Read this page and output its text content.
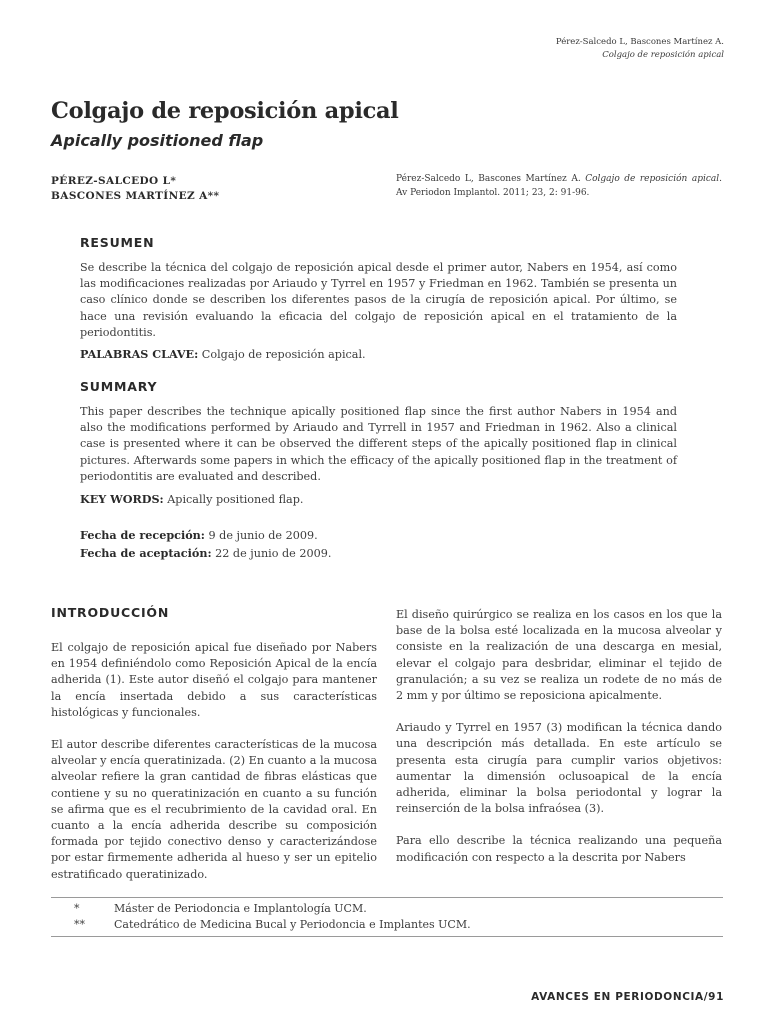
Pérez-Salcedo L, Bascones Martínez A.
Colgajo de reposición apical
Colgajo de reposición apical
Apically positioned flap
PÉREZ-SALCEDO L*
BASCONES MARTÍNEZ A**
Pérez-Salcedo L, Bascones Martínez A. Colgajo de reposición apical. Av Periodon Implantol. 2011; 23, 2: 91-96.
RESUMEN

Se describe la técnica del colgajo de reposición apical desde el primer autor, Nabers en 1954, así como las modificaciones realizadas por Ariaudo y Tyrrel en 1957 y Friedman en 1962. También se presenta un caso clínico donde se describen los diferentes pasos de la cirugía de reposición apical. Por último, se hace una revisión evaluando la eficacia del colgajo de reposición apical en el tratamiento de la periodontitis.

PALABRAS CLAVE: Colgajo de reposición apical.
SUMMARY

This paper describes the technique apically positioned flap since the first author Nabers in 1954 and also the modifications performed by Ariaudo and Tyrrell in 1957 and Friedman in 1962. Also a clinical case is presented where it can be observed the different steps of the apically positioned flap in clinical pictures. Afterwards some papers in which the efficacy of the apically positioned flap in the treatment of periodontitis are evaluated and described.

KEY WORDS: Apically positioned flap.
Fecha de recepción: 9 de junio de 2009.
Fecha de aceptación: 22 de junio de 2009.
INTRODUCCIÓN

El colgajo de reposición apical fue diseñado por Nabers en 1954 definiéndolo como Reposición Apical de la encía adherida (1). Este autor diseñó el colgajo para mantener la encía insertada debido a sus características histológicas y funcionales.

El autor describe diferentes características de la mucosa alveolar y encía queratinizada. (2) En cuanto a la mucosa alveolar refiere la gran cantidad de fibras elásticas que contiene y su no queratinización en cuanto a su función se afirma que es el recubrimiento de la cavidad oral. En cuanto a la encía adherida describe su composición formada por tejido conectivo denso y caracterizándose por estar firmemente adherida al hueso y ser un epitelio estratificado queratinizado.

El diseño quirúrgico se realiza en los casos en los que la base de la bolsa esté localizada en la mucosa alveolar y consiste en la realización de una descarga en mesial, elevar el colgajo para desbridar, eliminar el tejido de granulación; a su vez se realiza un rodete de no más de 2 mm y por último se reposiciona apicalmente.

Ariaudo y Tyrrel en 1957 (3) modifican la técnica dando una descripción más detallada. En este artículo se presenta esta cirugía para cumplir varios objetivos: aumentar la dimensión oclusoapical de la encía adherida, eliminar la bolsa periodontal y lograr la reinserción de la bolsa infraósea (3).

Para ello describe la técnica realizando una pequeña modificación con respecto a la descrita por Nabers

*	Máster de Periodoncia e Implantología UCM.
**	Catedrático de Medicina Bucal y Periodoncia e Implantes UCM.
AVANCES EN PERIODONCIA/91
